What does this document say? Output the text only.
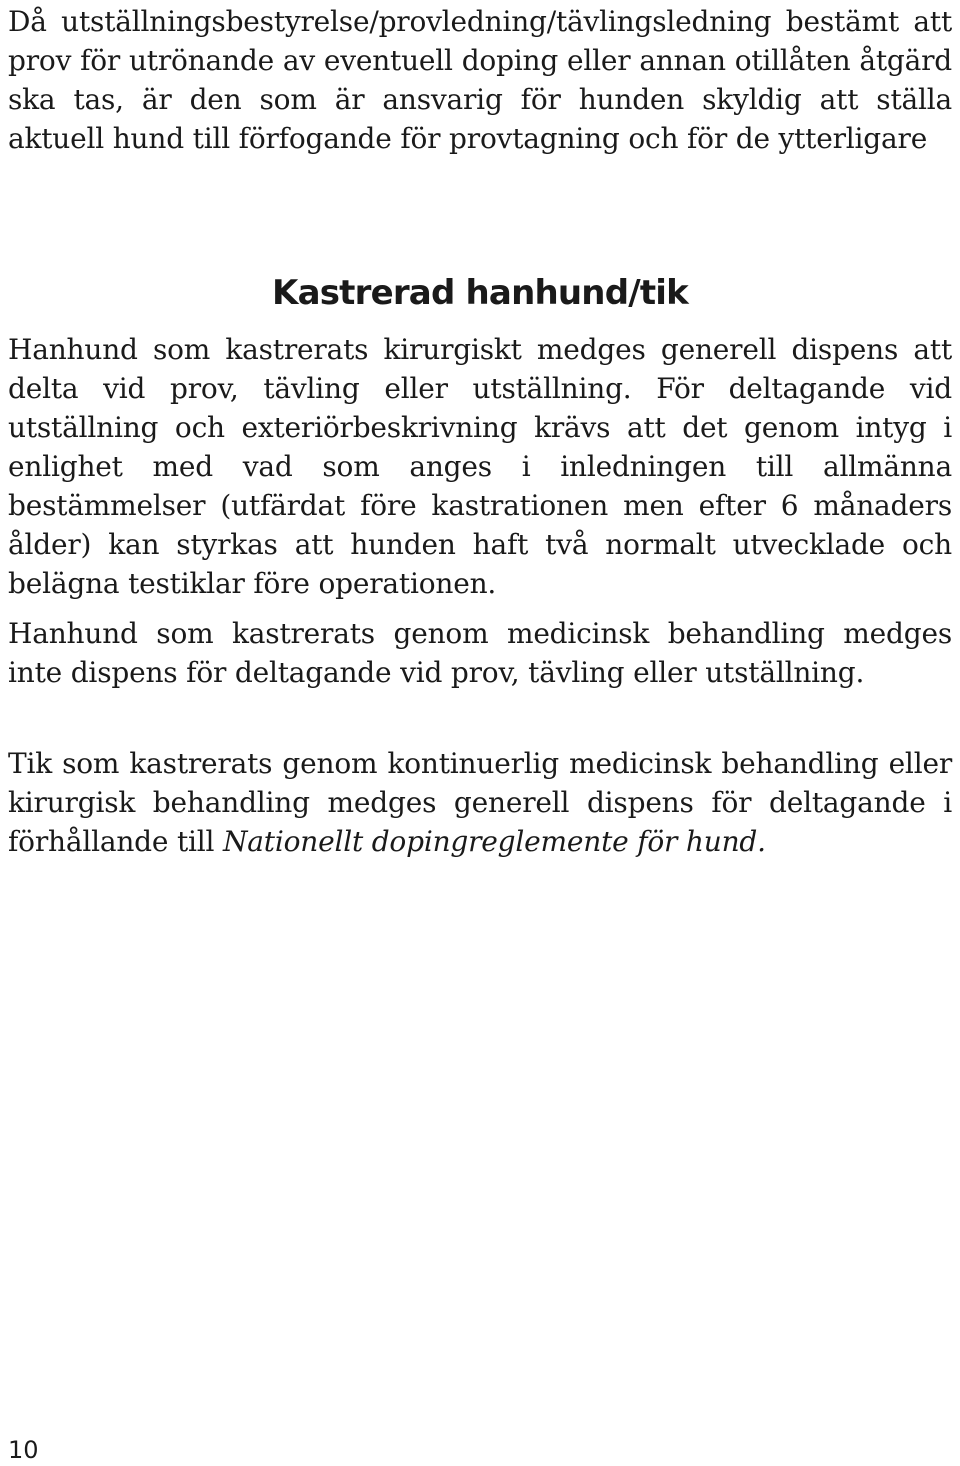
Då utställningsbestyrelse/provledning/tävlingsledning bestämt att prov för utrönande av eventuell doping eller annan otillåten åtgärd ska tas, är den som är ansvarig för hunden skyldig att ställa aktuell hund till förfogande för provtagning och för de ytterligare

Kastrerad hanhund/tik

Hanhund som kastrerats kirurgiskt medges generell dispens att delta vid prov, tävling eller utställning. För deltagande vid utställning och exteriörbeskrivning krävs att det genom intyg i enlighet med vad som anges i inledningen till allmänna bestämmelser (utfärdat före kastrationen men efter 6 månaders ålder) kan styrkas att hunden haft två normalt utvecklade och belägna testiklar före operationen.

Hanhund som kastrerats genom medicinsk behandling medges inte dispens för deltagande vid prov, tävling eller utställning.

Tik som kastrerats genom kontinuerlig medicinsk behandling eller kirurgisk behandling medges generell dispens för deltagande i förhållande till Nationellt dopingreglemente för hund.

10
